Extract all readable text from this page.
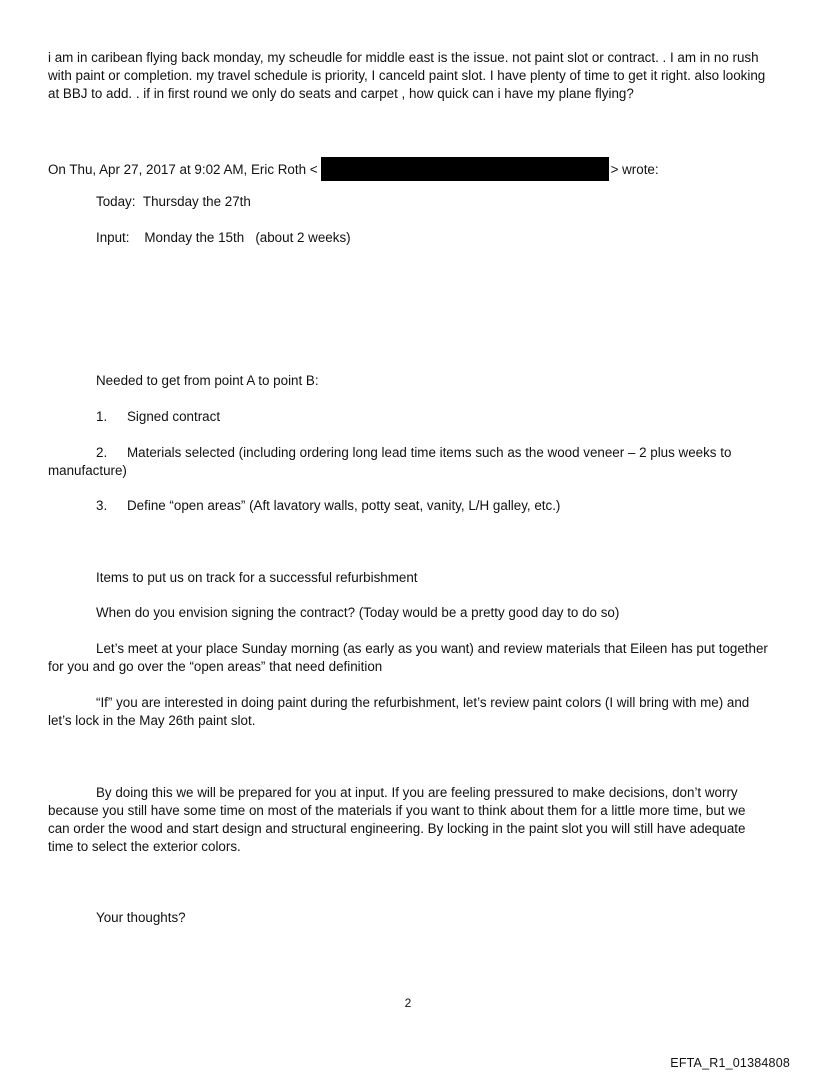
i am in caribean flying back monday, my scheudle for middle east is the issue. not paint slot or contract. . I am in no rush with paint or completion. my travel schedule is priority, I canceld paint slot. I have plenty of time to get it right. also looking at BBJ to add. . if in first round we only do seats and carpet , how quick can i have my plane flying?

On Thu, Apr 27, 2017 at 9:02 AM, Eric Roth <	> wrote:

Today: Thursday the 27th

Input: Monday the 15th   (about 2 weeks)

Needed to get from point A to point B:

1. Signed contract

2. Materials selected (including ordering long lead time items such as the wood veneer – 2 plus weeks to manufacture)

3. Define “open areas” (Aft lavatory walls, potty seat, vanity, L/H galley, etc.)

Items to put us on track for a successful refurbishment

When do you envision signing the contract? (Today would be a pretty good day to do so)

Let’s meet at your place Sunday morning (as early as you want) and review materials that Eileen has put together for you and go over the “open areas” that need definition

“If” you are interested in doing paint during the refurbishment, let’s review paint colors (I will bring with me) and let’s lock in the May 26th paint slot.

By doing this we will be prepared for you at input. If you are feeling pressured to make decisions, don’t worry because you still have some time on most of the materials if you want to think about them for a little more time, but we can order the wood and start design and structural engineering. By locking in the paint slot you will still have adequate time to select the exterior colors.

Your thoughts?

2
EFTA_R1_01384808
